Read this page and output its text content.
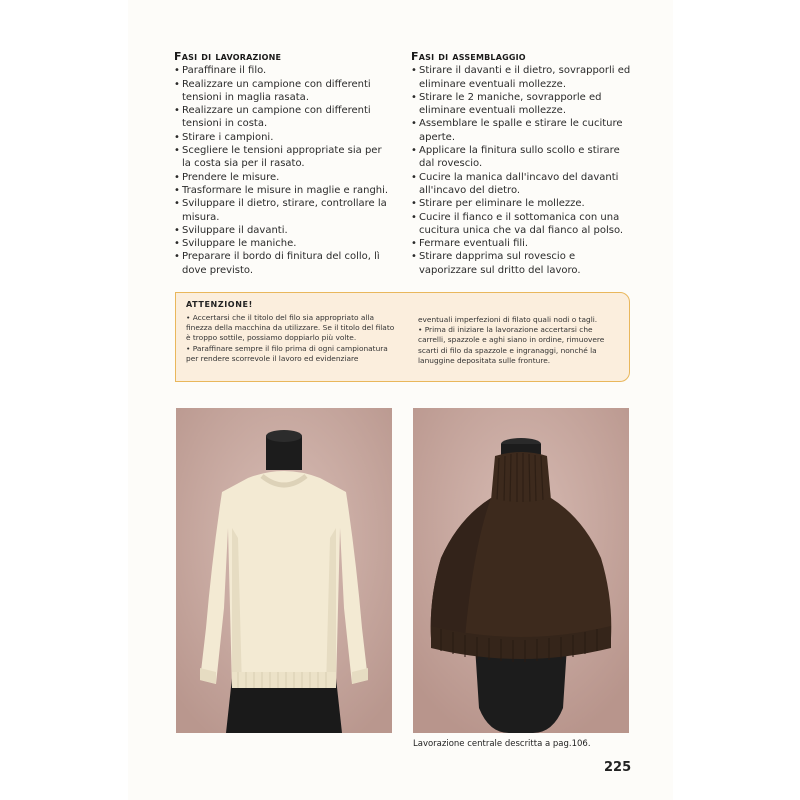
Fasi di lavorazione
• Paraffinare il filo.
• Realizzare un campione con differenti tensioni in maglia rasata.
• Realizzare un campione con differenti tensioni in costa.
• Stirare i campioni.
• Scegliere le tensioni appropriate sia per la costa sia per il rasato.
• Prendere le misure.
• Trasformare le misure in maglie e ranghi.
• Sviluppare il dietro, stirare, controllare la misura.
• Sviluppare il davanti.
• Sviluppare le maniche.
• Preparare il bordo di finitura del collo, lì dove previsto.
Fasi di assemblaggio
• Stirare il davanti e il dietro, sovrapporli ed eliminare eventuali mollezze.
• Stirare le 2 maniche, sovrapporle ed eliminare eventuali mollezze.
• Assemblare le spalle e stirare le cuciture aperte.
• Applicare la finitura sullo scollo e stirare dal rovescio.
• Cucire la manica dall'incavo del davanti all'incavo del dietro.
• Stirare per eliminare le mollezze.
• Cucire il fianco e il sottomanica con una cucitura unica che va dal fianco al polso.
• Fermare eventuali fili.
• Stirare dapprima sul rovescio e vaporizzare sul dritto del lavoro.
ATTENZIONE!

• Accertarsi che il titolo del filo sia appropriato alla finezza della macchina da utilizzare. Se il titolo del filato è troppo sottile, possiamo doppiarlo più volte.

• Paraffinare sempre il filo prima di ogni campionatura per rendere scorrevole il lavoro ed evidenziare

eventuali imperfezioni di filato quali nodi o tagli.

• Prima di iniziare la lavorazione accertarsi che carrelli, spazzole e aghi siano in ordine, rimuovere scarti di filo da spazzole e ingranaggi, nonché la lanuggine depositata sulle fronture.

Lavorazione centrale descritta a pag.106.
225
